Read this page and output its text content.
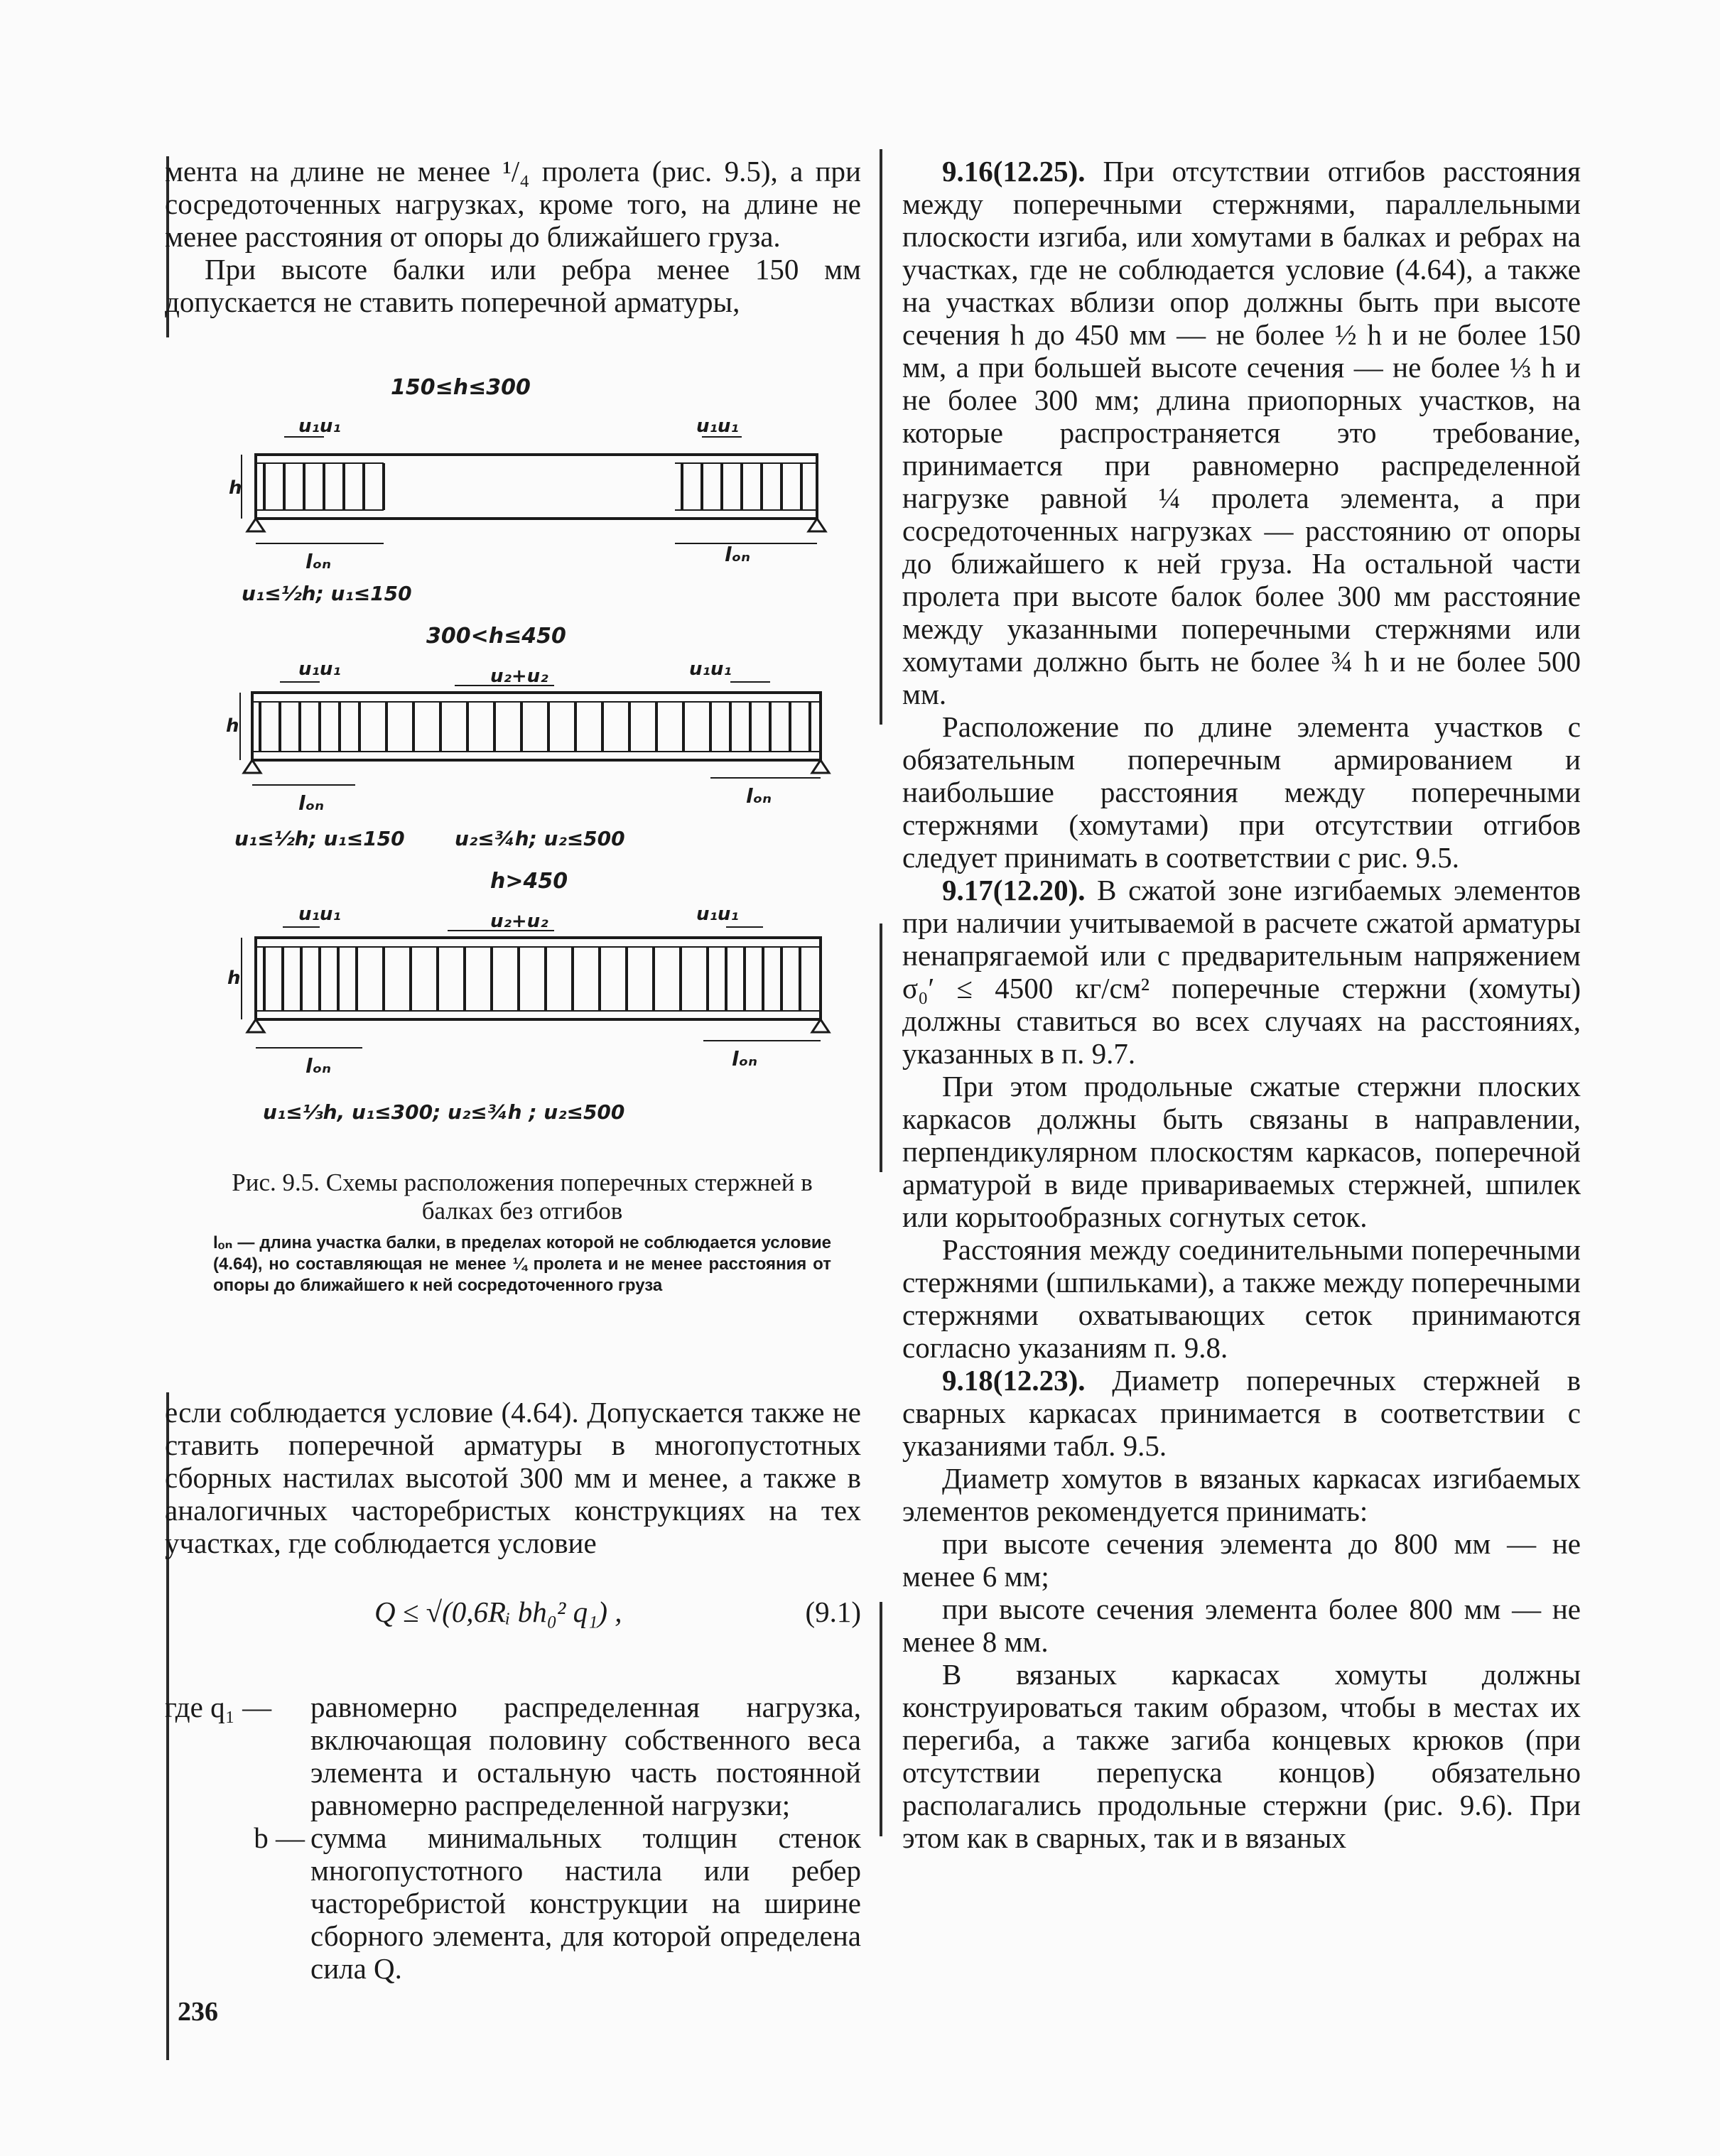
мента на длине не менее ¹/₄ пролета (рис. 9.5), а при сосредоточенных нагрузках, кроме того, на длине не менее расстояния от опоры до ближайшего груза.

При высоте балки или ребра менее 150 мм допускается не ставить поперечной арматуры,

150≤h≤300
u₁u₁	u₁u₁
h
lₒₙ	lₒₙ
u₁≤½h; u₁≤150
300<h≤450
u₁u₁	u₂+u₂	u₁u₁
h
lₒₙ	lₒₙ
u₁≤½h; u₁≤150	u₂≤¾h; u₂≤500
h>450
u₁u₁	u₂+u₂	u₁u₁
h
lₒₙ	lₒₙ
u₁≤⅓h, u₁≤300; u₂≤¾h ; u₂≤500
Рис. 9.5. Схемы расположения поперечных стержней в балках без отгибов
lₒₙ — длина участка балки, в пределах которой не соблюдается условие (4.64), но составляющая не менее ¼ пролета и не менее расстояния от опоры до ближайшего к ней сосредоточенного груза

если соблюдается условие (4.64). Допускается также не ставить поперечной арматуры в многопустотных сборных настилах высотой 300 мм и менее, а также в аналогичных часторебристых конструкциях на тех участках, где соблюдается условие

Q ≤ √(0,6Rᵢ bh₀² q₁) ,	(9.1)
где q₁ —	равномерно распределенная нагрузка, включающая половину собственного веса элемента и остальную часть постоянной равномерно распределенной нагрузки;
b — сумма минимальных толщин стенок многопустотного настила или ребер часторебристой конструкции на ширине сборного элемента, для которой определена сила Q.
236

9.16(12.25). При отсутствии отгибов расстояния между поперечными стержнями, параллельными плоскости изгиба, или хомутами в балках и ребрах на участках, где не соблюдается условие (4.64), а также на участках вблизи опор должны быть при высоте сечения h до 450 мм — не более ½ h и не более 150 мм, а при большей высоте сечения — не более ⅓ h и не более 300 мм; длина приопорных участков, на которые распространяется это требование, принимается при равномерно распределенной нагрузке равной ¼ пролета элемента, а при сосредоточенных нагрузках — расстоянию от опоры до ближайшего к ней груза. На остальной части пролета при высоте балок более 300 мм расстояние между указанными поперечными стержнями или хомутами должно быть не более ¾ h и не более 500 мм.

Расположение по длине элемента участков с обязательным поперечным армированием и наибольшие расстояния между поперечными стержнями (хомутами) при отсутствии отгибов следует принимать в соответствии с рис. 9.5.

9.17(12.20). В сжатой зоне изгибаемых элементов при наличии учитываемой в расчете сжатой арматуры ненапрягаемой или с предварительным напряжением σ₀′ ≤ 4500 кг/см² поперечные стержни (хомуты) должны ставиться во всех случаях на расстояниях, указанных в п. 9.7.

При этом продольные сжатые стержни плоских каркасов должны быть связаны в направлении, перпендикулярном плоскостям каркасов, поперечной арматурой в виде привариваемых стержней, шпилек или корытообразных согнутых сеток.

Расстояния между соединительными поперечными стержнями (шпильками), а также между поперечными стержнями охватывающих сеток принимаются согласно указаниям п. 9.8.

9.18(12.23). Диаметр поперечных стержней в сварных каркасах принимается в соответствии с указаниями табл. 9.5.

Диаметр хомутов в вязаных каркасах изгибаемых элементов рекомендуется принимать:

при высоте сечения элемента до 800 мм — не менее 6 мм;

при высоте сечения элемента более 800 мм — не менее 8 мм.

В вязаных каркасах хомуты должны конструироваться таким образом, чтобы в местах их перегиба, а также загиба концевых крюков (при отсутствии перепуска концов) обязательно располагались продольные стержни (рис. 9.6). При этом как в сварных, так и в вязаных
